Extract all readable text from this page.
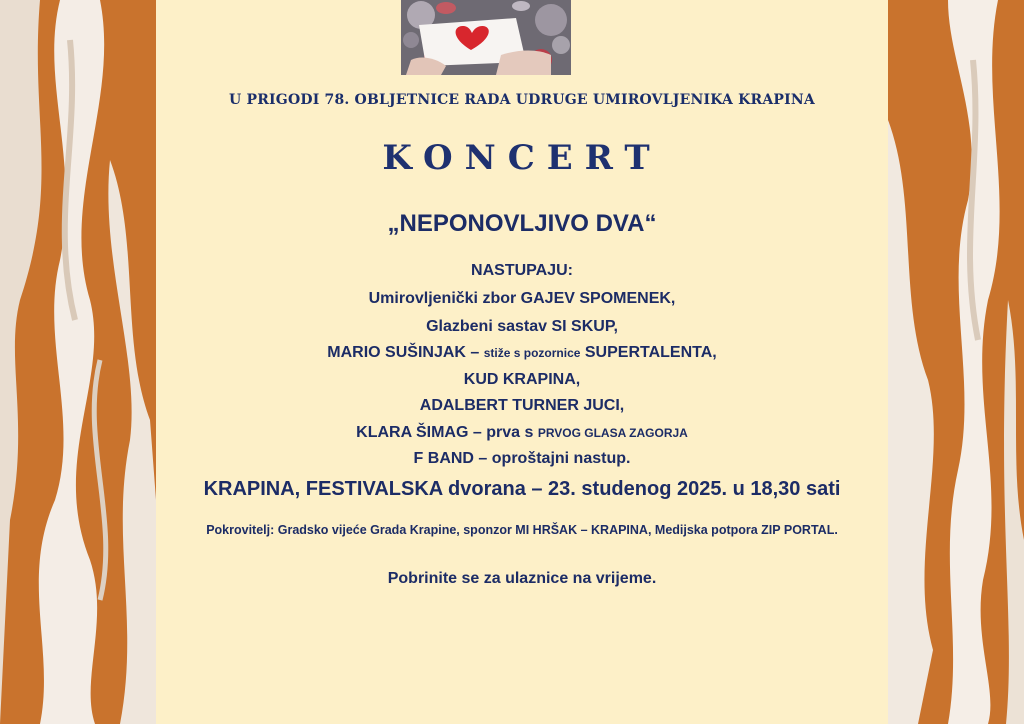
U PRIGODI 78. OBLJETNICE RADA UDRUGE UMIROVLJENIKA KRAPINA
KONCERT
„NEPONOVLJIVO DVA“
NASTUPAJU:
Umirovljenički zbor GAJEV SPOMENEK,
Glazbeni sastav SI SKUP,
MARIO SUŠINJAK – stiže s pozornice SUPERTALENTA,
KUD KRAPINA,
ADALBERT TURNER JUCI,
KLARA ŠIMAG – prva s PRVOG GLASA ZAGORJA
F BAND – oproštajni nastup.
KRAPINA, FESTIVALSKA dvorana – 23. studenog 2025. u 18,30 sati
Pokrovitelj: Gradsko vijeće Grada Krapine, sponzor MI HRŠAK – KRAPINA, Medijska potpora ZIP PORTAL.
Pobrinite se za ulaznice na vrijeme.
